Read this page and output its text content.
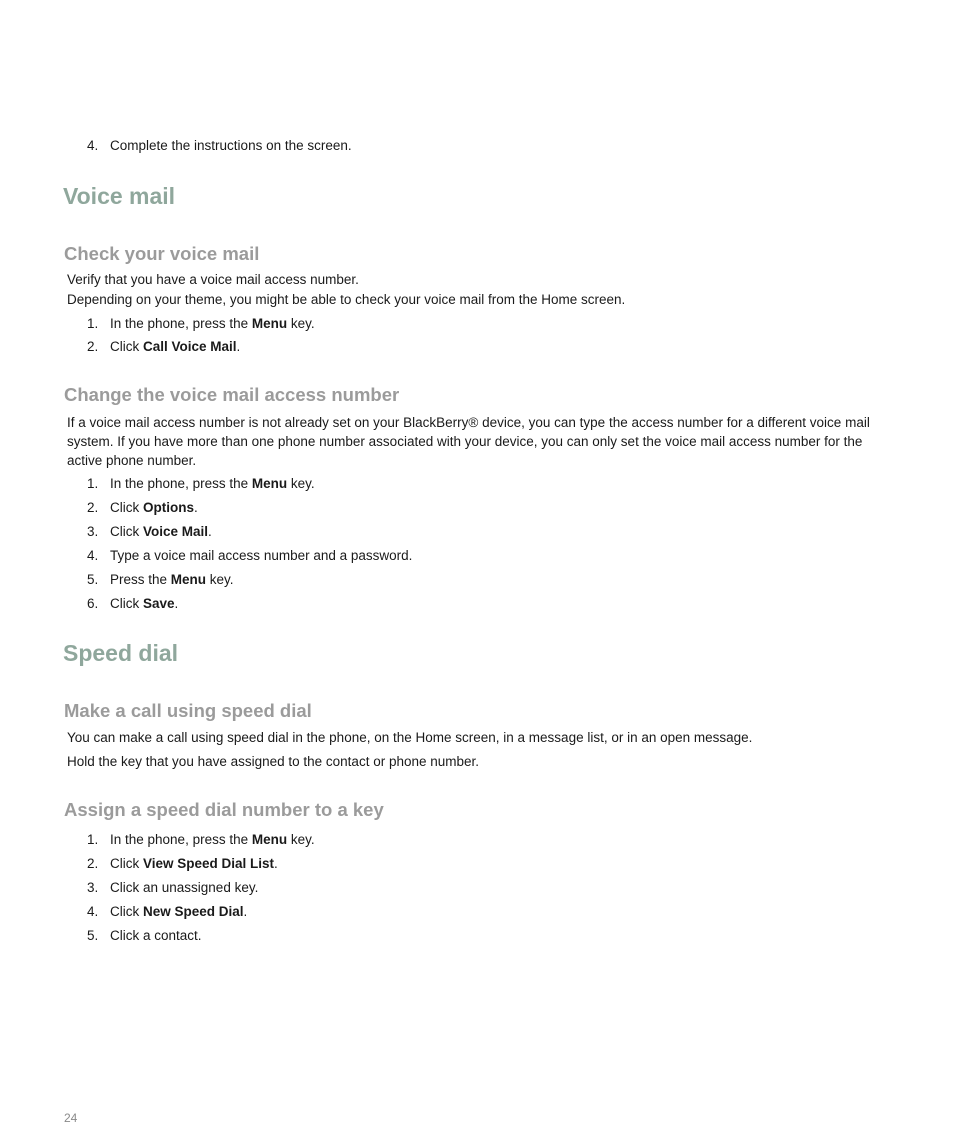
4. Complete the instructions on the screen.
Voice mail
Check your voice mail
Verify that you have a voice mail access number.
Depending on your theme, you might be able to check your voice mail from the Home screen.
1. In the phone, press the Menu key.
2. Click Call Voice Mail.
Change the voice mail access number

If a voice mail access number is not already set on your BlackBerry® device, you can type the access number for a different voice mail system. If you have more than one phone number associated with your device, you can only set the voice mail access number for the active phone number.

1. In the phone, press the Menu key.
2. Click Options.
3. Click Voice Mail.
4. Type a voice mail access number and a password.
5. Press the Menu key.
6. Click Save.
Speed dial
Make a call using speed dial
You can make a call using speed dial in the phone, on the Home screen, in a message list, or in an open message.
Hold the key that you have assigned to the contact or phone number.
Assign a speed dial number to a key
1. In the phone, press the Menu key.
2. Click View Speed Dial List.
3. Click an unassigned key.
4. Click New Speed Dial.
5. Click a contact.
24
